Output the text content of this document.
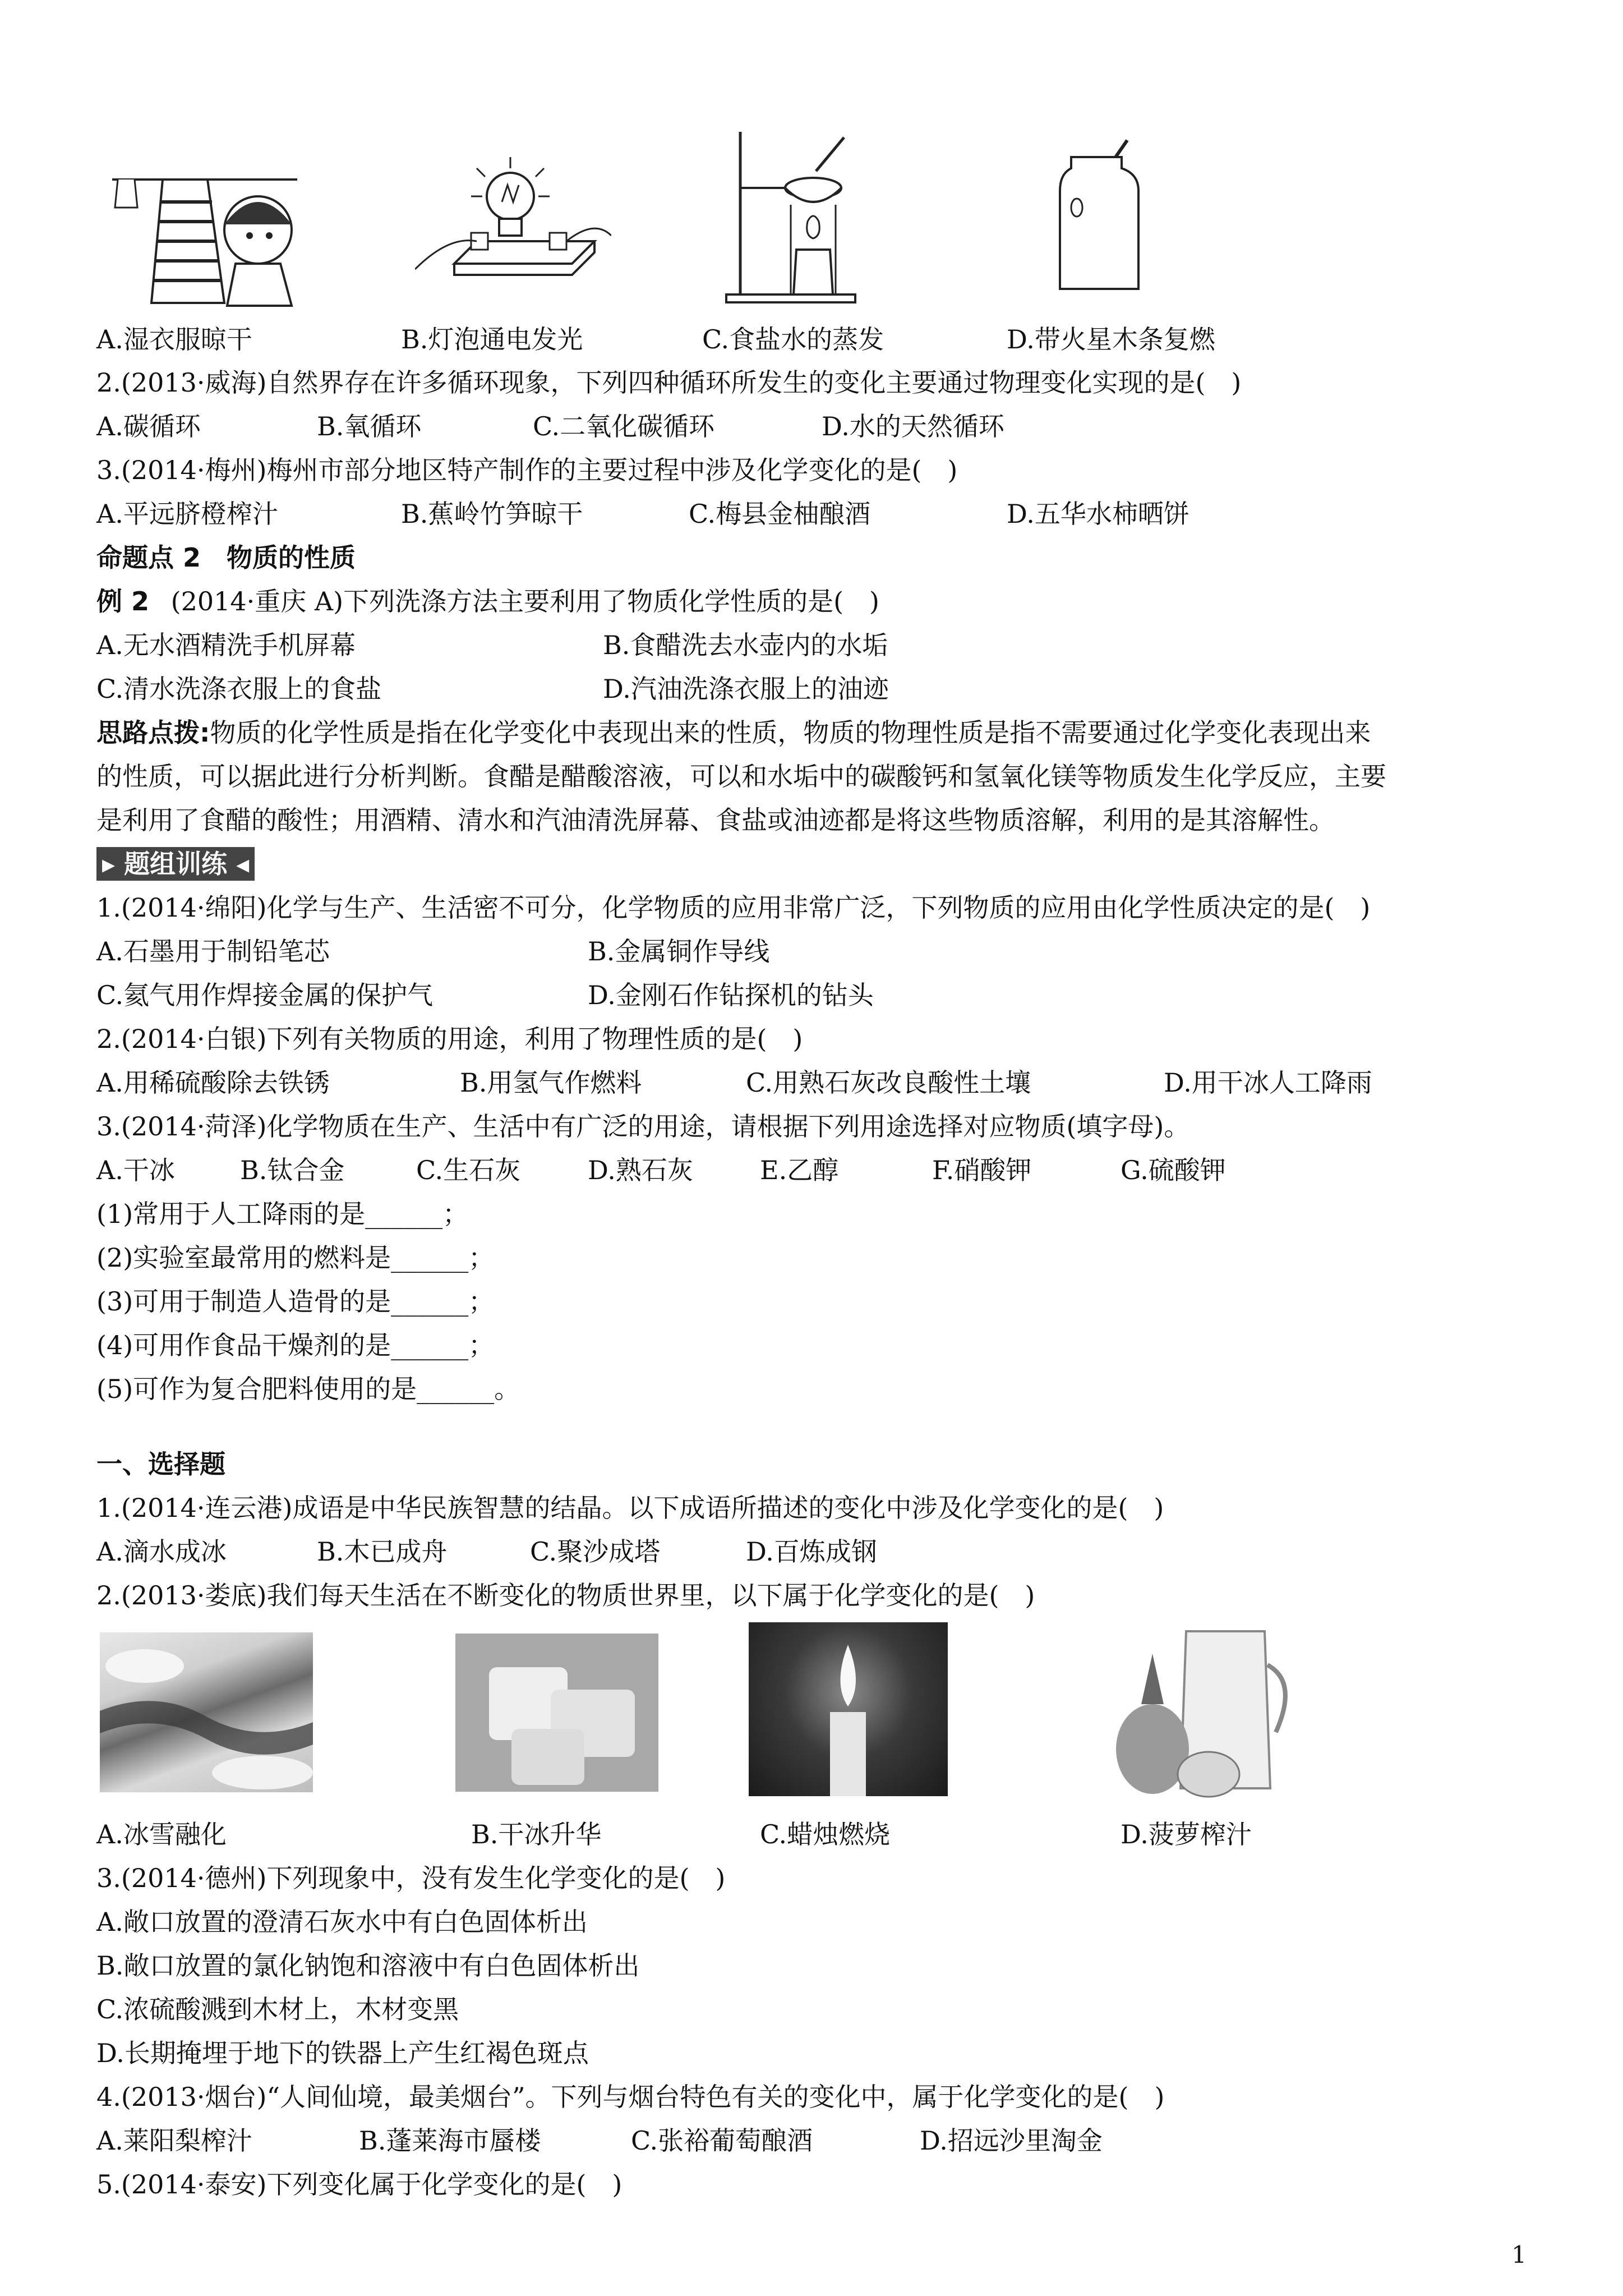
A.湿衣服晾干	B.灯泡通电发光	C.食盐水的蒸发	D.带火星木条复燃
2.(2013·威海)自然界存在许多循环现象，下列四种循环所发生的变化主要通过物理变化实现的是(　)
A.碳循环	B.氧循环	C.二氧化碳循环	D.水的天然循环
3.(2014·梅州)梅州市部分地区特产制作的主要过程中涉及化学变化的是(　)
A.平远脐橙榨汁	B.蕉岭竹笋晾干	C.梅县金柚酿酒	D.五华水柿晒饼
命题点 2　物质的性质
例 2 (2014·重庆 A)下列洗涤方法主要利用了物质化学性质的是(　)
A.无水酒精洗手机屏幕	B.食醋洗去水壶内的水垢
C.清水洗涤衣服上的食盐	D.汽油洗涤衣服上的油迹
思路点拨:物质的化学性质是指在化学变化中表现出来的性质，物质的物理性质是指不需要通过化学变化表现出来
的性质，可以据此进行分析判断。食醋是醋酸溶液，可以和水垢中的碳酸钙和氢氧化镁等物质发生化学反应，主要
是利用了食醋的酸性；用酒精、清水和汽油清洗屏幕、食盐或油迹都是将这些物质溶解，利用的是其溶解性。
▸ 题组训练 ◂
1.(2014·绵阳)化学与生产、生活密不可分，化学物质的应用非常广泛，下列物质的应用由化学性质决定的是(　)
A.石墨用于制铅笔芯	B.金属铜作导线
C.氦气用作焊接金属的保护气	D.金刚石作钻探机的钻头
2.(2014·白银)下列有关物质的用途，利用了物理性质的是(　)
A.用稀硫酸除去铁锈	B.用氢气作燃料	C.用熟石灰改良酸性土壤	D.用干冰人工降雨
3.(2014·菏泽)化学物质在生产、生活中有广泛的用途，请根据下列用途选择对应物质(填字母)。
A.干冰	B.钛合金	C.生石灰	D.熟石灰	E.乙醇	F.硝酸钾	G.硫酸钾
(1)常用于人工降雨的是______；
(2)实验室最常用的燃料是______；
(3)可用于制造人造骨的是______；
(4)可用作食品干燥剂的是______；
(5)可作为复合肥料使用的是______。
一、选择题
1.(2014·连云港)成语是中华民族智慧的结晶。以下成语所描述的变化中涉及化学变化的是(　)
A.滴水成冰	B.木已成舟	C.聚沙成塔	D.百炼成钢
2.(2013·娄底)我们每天生活在不断变化的物质世界里，以下属于化学变化的是(　)
A.冰雪融化	B.干冰升华	C.蜡烛燃烧	D.菠萝榨汁
3.(2014·德州)下列现象中，没有发生化学变化的是(　)
A.敞口放置的澄清石灰水中有白色固体析出
B.敞口放置的氯化钠饱和溶液中有白色固体析出
C.浓硫酸溅到木材上，木材变黑
D.长期掩埋于地下的铁器上产生红褐色斑点
4.(2013·烟台)“人间仙境，最美烟台”。下列与烟台特色有关的变化中，属于化学变化的是(　)
A.莱阳梨榨汁	B.蓬莱海市蜃楼	C.张裕葡萄酿酒	D.招远沙里淘金
5.(2014·泰安)下列变化属于化学变化的是(　)
1
